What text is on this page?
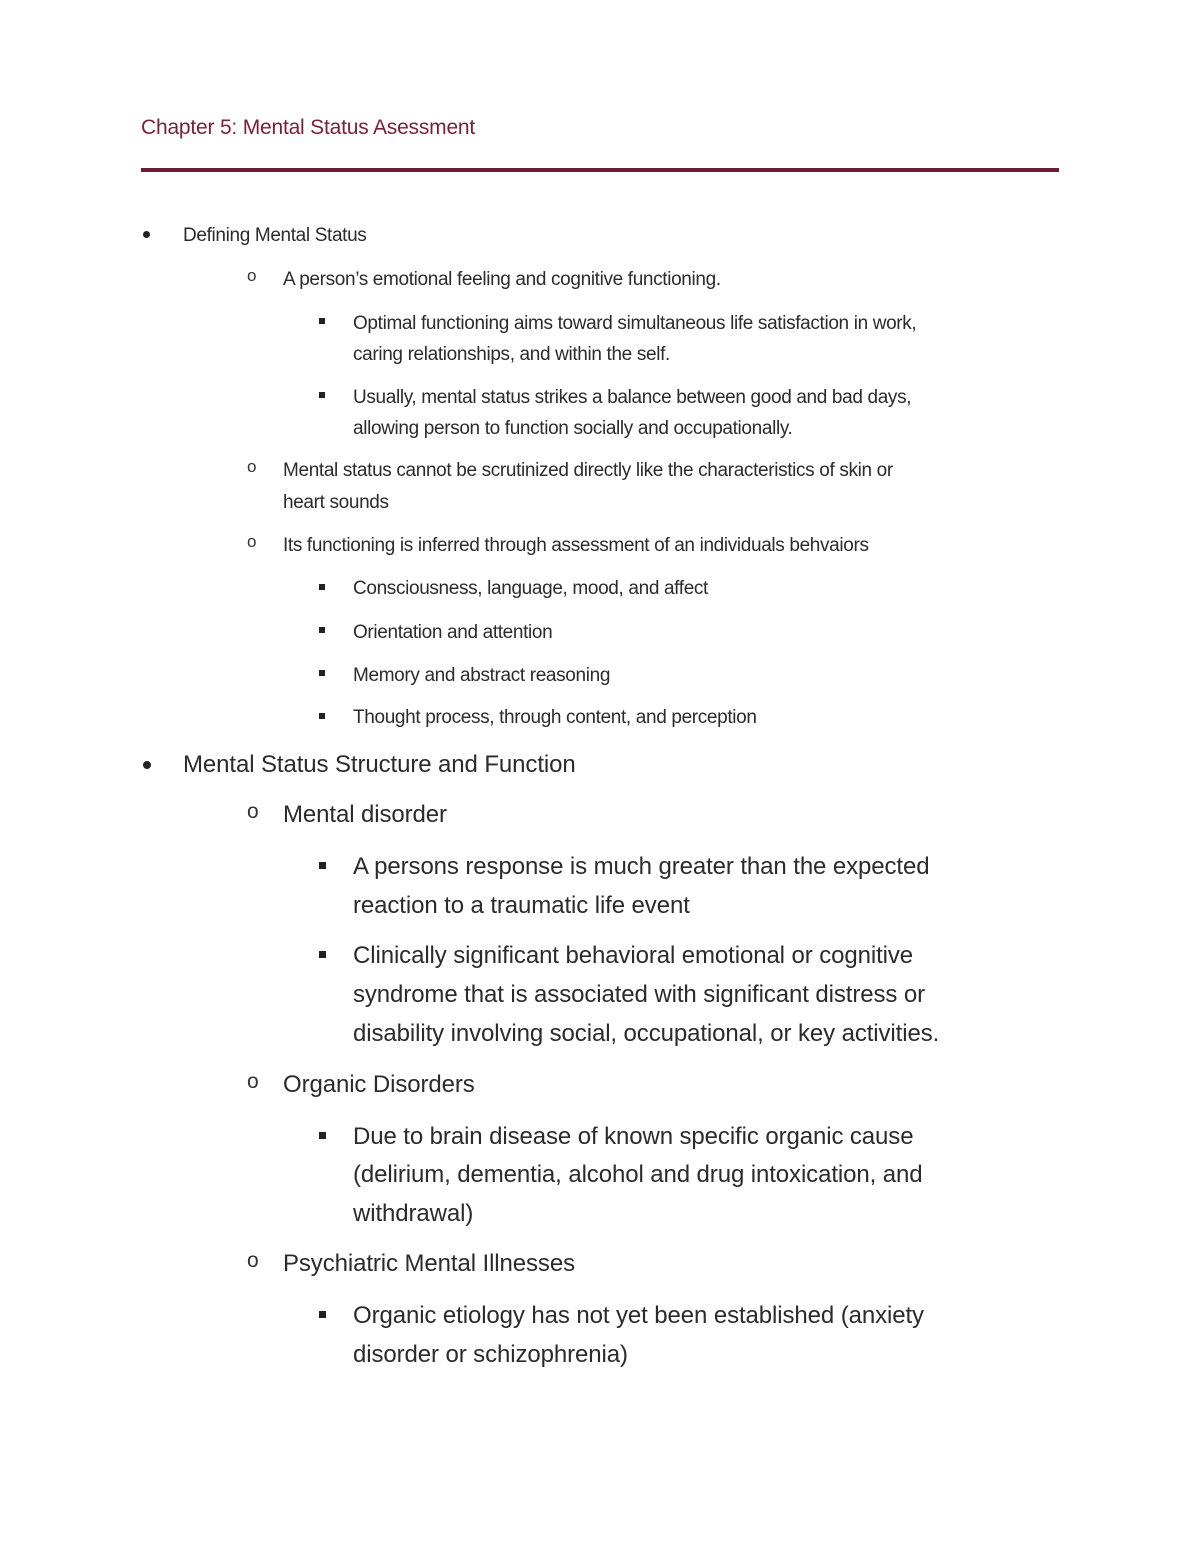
Chapter 5: Mental Status Asessment
Defining Mental Status
o A person’s emotional feeling and cognitive functioning.
Optimal functioning aims toward simultaneous life satisfaction in work,
caring relationships, and within the self.
Usually, mental status strikes a balance between good and bad days,
allowing person to function socially and occupationally.
o Mental status cannot be scrutinized directly like the characteristics of skin or
heart sounds
o Its functioning is inferred through assessment of an individuals behvaiors
Consciousness, language, mood, and affect
Orientation and attention
Memory and abstract reasoning
Thought process, through content, and perception
Mental Status Structure and Function
o Mental disorder
A persons response is much greater than the expected
reaction to a traumatic life event
Clinically significant behavioral emotional or cognitive
syndrome that is associated with significant distress or
disability involving social, occupational, or key activities.
o Organic Disorders
Due to brain disease of known specific organic cause
(delirium, dementia, alcohol and drug intoxication, and
withdrawal)
o Psychiatric Mental Illnesses
Organic etiology has not yet been established (anxiety
disorder or schizophrenia)
